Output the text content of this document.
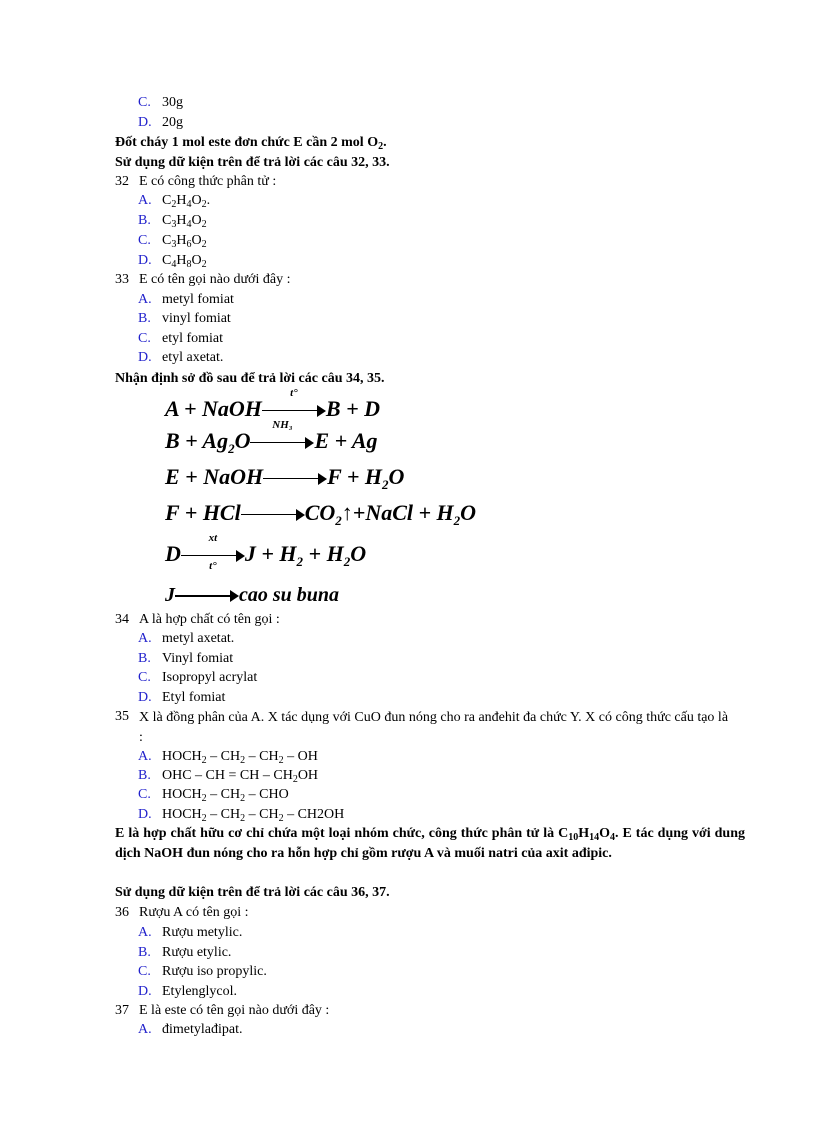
C. 30g
D. 20g
Đốt cháy 1 mol este đơn chức E cần 2 mol $O_2$.
Sử dụng dữ kiện trên để trả lời các câu 32, 33.
32 E có công thức phân tử :
A. $C_2H_4O_2$.
B. $C_3H_4O_2$
C. $C_3H_6O_2$
D. $C_4H_8O_2$
33 E có tên gọi nào dưới đây :
A. metyl fomiat
B. vinyl fomiat
C. etyl fomiat
D. etyl axetat.
Nhận định sở đồ sau để trả lời các câu 34, 35.
A + NaOH
t°
B + D
$B + Ag_2O$
NH₃
E + Ag
E + NaOH	$F + H_2O$
F + HCl	$CO_2↑+NaCl + H_2O$
D $\frac{xt}{t^\circ}$ $J + H_2 + H_2O$
J	cao su buna
34 A là hợp chất có tên gọi :
A. metyl axetat.
B. Vinyl fomiat
C. Isopropyl acrylat
D. Etyl fomiat
35 X là đồng phân của A. X tác dụng với CuO đun nóng cho ra anđehit đa chức Y. X có công thức cấu tạo là :
A. $HOCH_2 - CH_2 - CH_2$ – OH
B. OHC – CH = CH – $CH_2OH$
C. $HOCH_2 - CH_2$ – CHO
D. $HOCH_2 - CH_2 - CH_2 - CH2OH$
E là hợp chất hữu cơ chỉ chứa một loại nhóm chức, công thức phân tử là $C_{10}H_{14}O_4$. E tác dụng với dung dịch NaOH đun nóng cho ra hỗn hợp chỉ gồm rượu A và muối natri của axit ađipic.
Sử dụng dữ kiện trên để trả lời các câu 36, 37.
36 Rượu A có tên gọi :
A. Rượu metylic.
B. Rượu etylic.
C. Rượu iso propylic.
D. Etylenglycol.
37 E là este có tên gọi nào dưới đây :
A. đimetylađipat.
